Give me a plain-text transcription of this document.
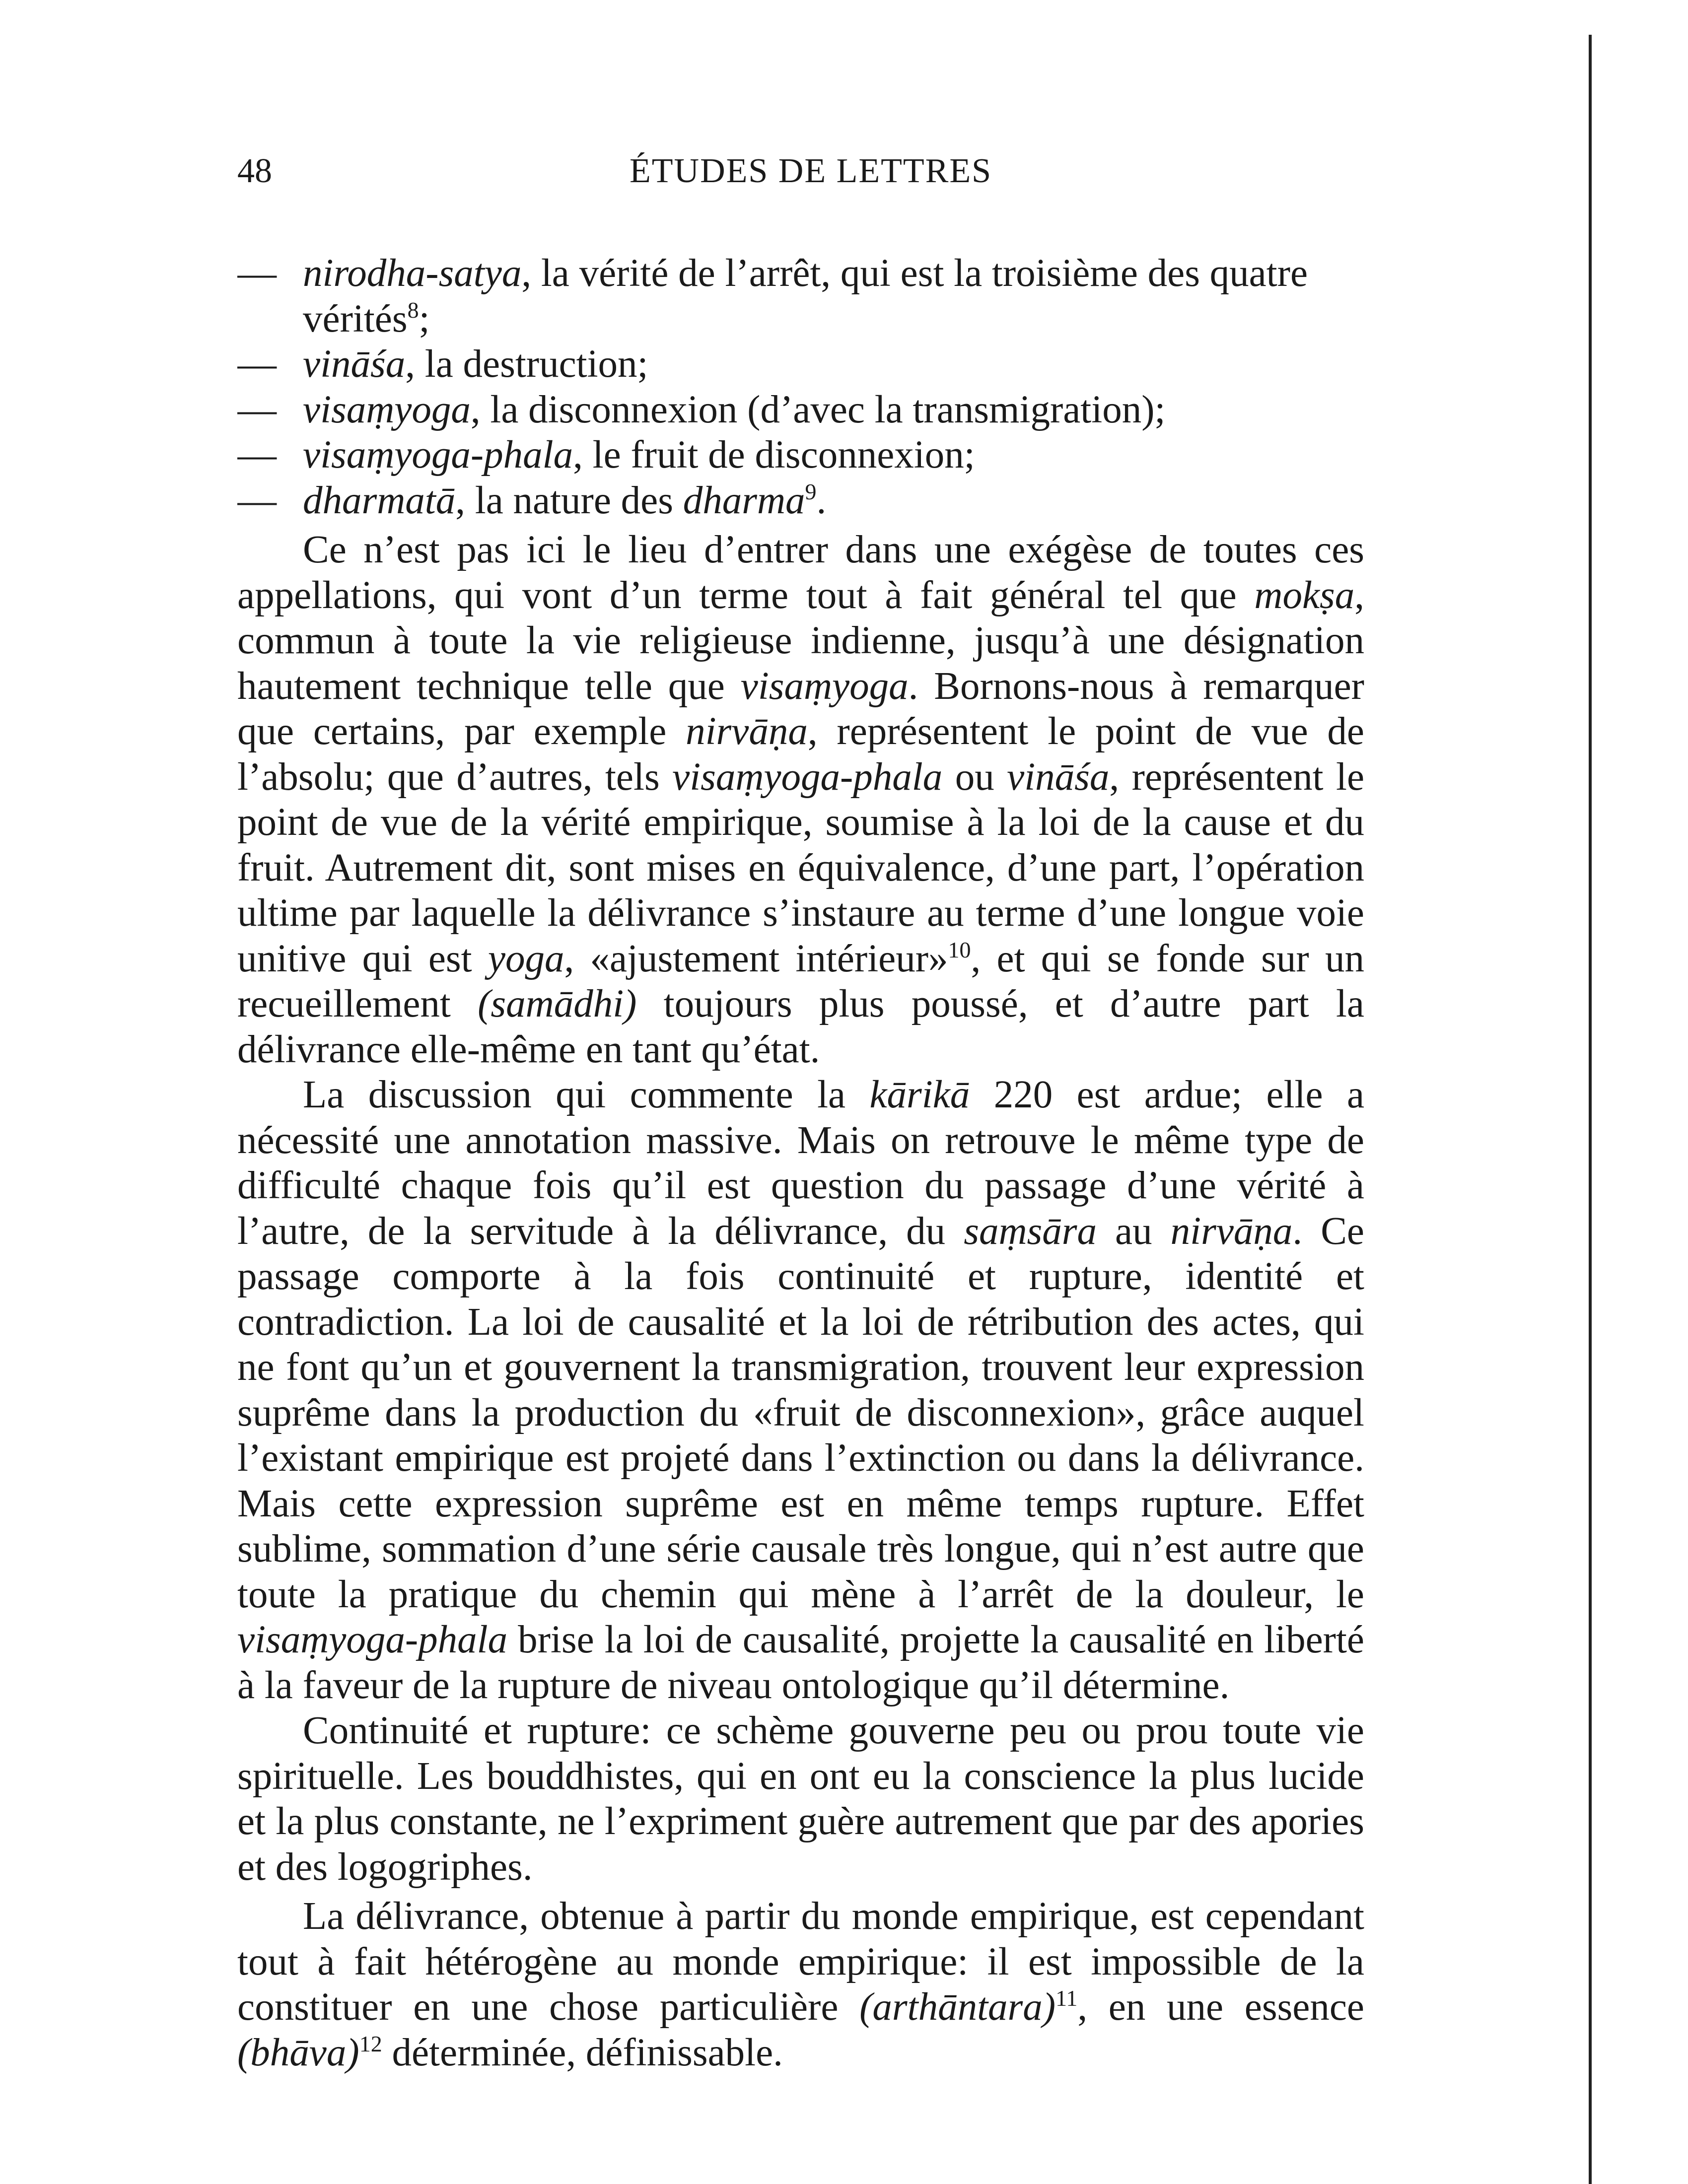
48	ÉTUDES DE LETTRES
— nirodha-satya, la vérité de l’arrêt, qui est la troisième des quatre vérités$^8$;
— vināśa, la destruction;
— visaṃyoga, la disconnexion (d’avec la transmigration);
— visaṃyoga-phala, le fruit de disconnexion;
— dharmatā, la nature des dharma$^9$.

Ce n’est pas ici le lieu d’entrer dans une exégèse de toutes ces appellations, qui vont d’un terme tout à fait général tel que mokṣa, commun à toute la vie religieuse indienne, jusqu’à une désignation hautement technique telle que visaṃyoga. Bornons-nous à remarquer que certains, par exemple nirvāṇa, représentent le point de vue de l’absolu; que d’autres, tels visaṃyoga-phala ou vināśa, représentent le point de vue de la vérité empirique, soumise à la loi de la cause et du fruit. Autrement dit, sont mises en équivalence, d’une part, l’opération ultime par laquelle la délivrance s’instaure au terme d’une longue voie unitive qui est yoga, «ajustement intérieur»$^{10}$, et qui se fonde sur un recueillement (samādhi) toujours plus poussé, et d’autre part la délivrance elle-même en tant qu’état.

La discussion qui commente la kārikā 220 est ardue; elle a nécessité une annotation massive. Mais on retrouve le même type de difficulté chaque fois qu’il est question du passage d’une vérité à l’autre, de la servitude à la délivrance, du saṃsāra au nirvāṇa. Ce passage comporte à la fois continuité et rupture, identité et contradiction. La loi de causalité et la loi de rétribution des actes, qui ne font qu’un et gouvernent la transmigration, trouvent leur expression suprême dans la production du «fruit de disconnexion», grâce auquel l’existant empirique est projeté dans l’extinction ou dans la délivrance. Mais cette expression suprême est en même temps rupture. Effet sublime, sommation d’une série causale très longue, qui n’est autre que toute la pratique du chemin qui mène à l’arrêt de la douleur, le visaṃyoga-phala brise la loi de causalité, projette la causalité en liberté à la faveur de la rupture de niveau ontologique qu’il détermine.

Continuité et rupture: ce schème gouverne peu ou prou toute vie spirituelle. Les bouddhistes, qui en ont eu la conscience la plus lucide et la plus constante, ne l’expriment guère autrement que par des apories et des logogriphes.

La délivrance, obtenue à partir du monde empirique, est cependant tout à fait hétérogène au monde empirique: il est impossible de la constituer en une chose particulière (arthāntara)$^{11}$, en une essence (bhāva)$^{12}$ déterminée, définissable.
